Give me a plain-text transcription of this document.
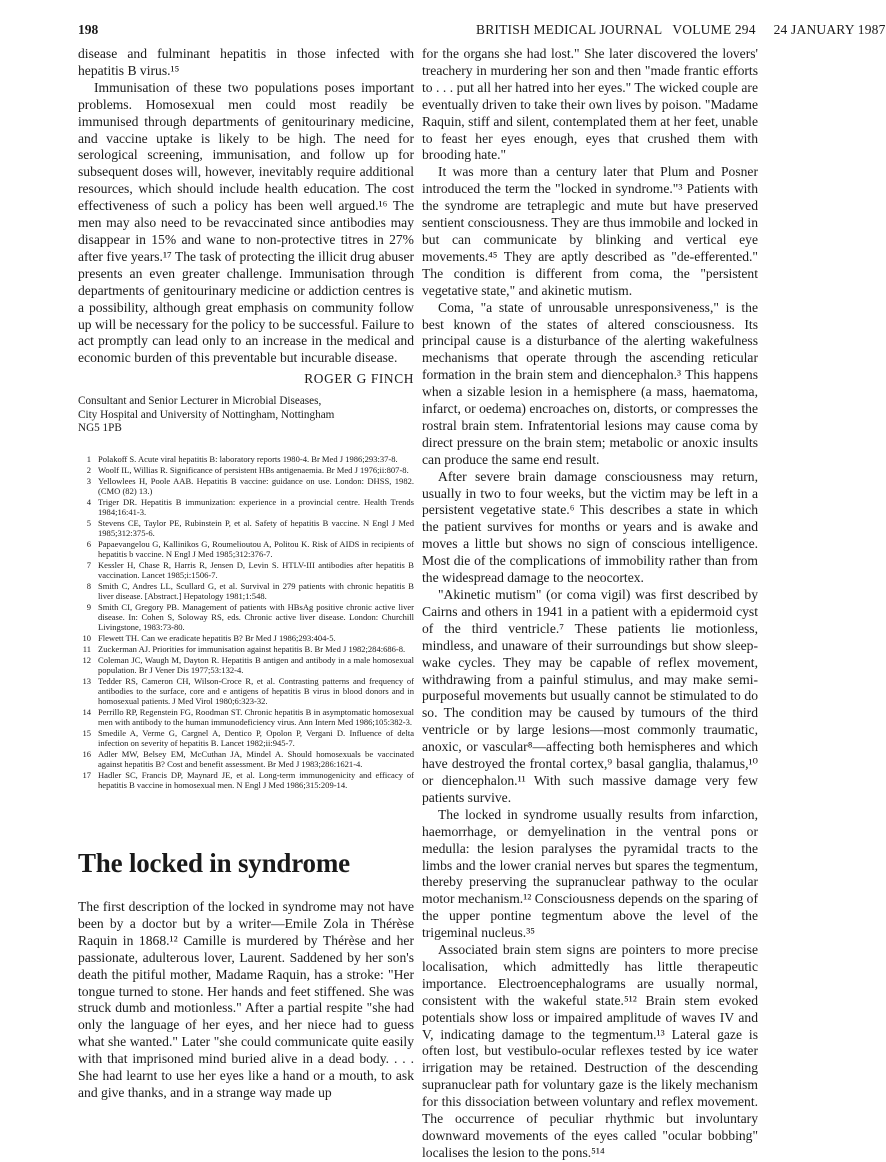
198	BRITISH MEDICAL JOURNAL   VOLUME 294     24 JANUARY 1987

disease and fulminant hepatitis in those infected with hepatitis B virus.¹⁵

Immunisation of these two populations poses important problems. Homosexual men could most readily be immunised through departments of genitourinary medicine, and vaccine uptake is likely to be high. The need for serological screening, immunisation, and follow up for subsequent doses will, however, inevitably require additional resources, which should include health education. The cost effectiveness of such a policy has been well argued.¹⁶ The men may also need to be revaccinated since antibodies may disappear in 15% and wane to non-protective titres in 27% after five years.¹⁷ The task of protecting the illicit drug abuser presents an even greater challenge. Immunisation through departments of genitourinary medicine or addiction centres is a possibility, although great emphasis on community follow up will be necessary for the policy to be successful. Failure to act promptly can lead only to an increase in the medical and economic burden of this preventable but incurable disease.

ROGER G FINCH

Consultant and Senior Lecturer in Microbial Diseases, City Hospital and University of Nottingham, Nottingham NG5 1PB

1 Polakoff S. Acute viral hepatitis B: laboratory reports 1980-4. Br Med J 1986;293:37-8.
2 Woolf IL, Willias R. Significance of persistent HBs antigenaemia. Br Med J 1976;ii:807-8.
3 Yellowlees H, Poole AAB. Hepatitis B vaccine: guidance on use. London: DHSS, 1982. (CMO (82) 13.)
4 Triger DR. Hepatitis B immunization: experience in a provincial centre. Health Trends 1984;16:41-3.
5 Stevens CE, Taylor PE, Rubinstein P, et al. Safety of hepatitis B vaccine. N Engl J Med 1985;312:375-6.
6 Papaevangelou G, Kallinikos G, Roumelioutou A, Politou K. Risk of AIDS in recipients of hepatitis b vaccine. N Engl J Med 1985;312:376-7.
7 Kessler H, Chase R, Harris R, Jensen D, Levin S. HTLV-III antibodies after hepatitis B vaccination. Lancet 1985;i:1506-7.
8 Smith C, Andres LL, Scullard G, et al. Survival in 279 patients with chronic hepatitis B liver disease. [Abstract.] Hepatology 1981;1:548.
9 Smith CI, Gregory PB. Management of patients with HBsAg positive chronic active liver disease. In: Cohen S, Soloway RS, eds. Chronic active liver disease. London: Churchill Livingstone, 1983:73-80.
10 Flewett TH. Can we eradicate hepatitis B? Br Med J 1986;293:404-5.
11 Zuckerman AJ. Priorities for immunisation against hepatitis B. Br Med J 1982;284:686-8.
12 Coleman JC, Waugh M, Dayton R. Hepatitis B antigen and antibody in a male homosexual population. Br J Vener Dis 1977;53:132-4.
13 Tedder RS, Cameron CH, Wilson-Croce R, et al. Contrasting patterns and frequency of antibodies to the surface, core and e antigens of hepatitis B virus in blood donors and in homosexual patients. J Med Virol 1980;6:323-32.
14 Perrillo RP, Regenstein FG, Roodman ST. Chronic hepatitis B in asymptomatic homosexual men with antibody to the human immunodeficiency virus. Ann Intern Med 1986;105:382-3.
15 Smedile A, Verme G, Cargnel A, Dentico P, Opolon P, Vergani D. Influence of delta infection on severity of hepatitis B. Lancet 1982;ii:945-7.
16 Adler MW, Belsey EM, McCuthan JA, Mindel A. Should homosexuals be vaccinated against hepatitis B? Cost and benefit assessment. Br Med J 1983;286:1621-4.
17 Hadler SC, Francis DP, Maynard JE, et al. Long-term immunogenicity and efficacy of hepatitis B vaccine in homosexual men. N Engl J Med 1986;315:209-14.
The locked in syndrome

The first description of the locked in syndrome may not have been by a doctor but by a writer—Emile Zola in Thérèse Raquin in 1868.¹² Camille is murdered by Thérèse and her passionate, adulterous lover, Laurent. Saddened by her son's death the pitiful mother, Madame Raquin, has a stroke: "Her tongue turned to stone. Her hands and feet stiffened. She was struck dumb and motionless." After a partial respite "she had only the language of her eyes, and her niece had to guess what she wanted." Later "she could communicate quite easily with that imprisoned mind buried alive in a dead body. . . . She had learnt to use her eyes like a hand or a mouth, to ask and give thanks, and in a strange way made up

for the organs she had lost." She later discovered the lovers' treachery in murdering her son and then "made frantic efforts to . . . put all her hatred into her eyes." The wicked couple are eventually driven to take their own lives by poison. "Madame Raquin, stiff and silent, contemplated them at her feet, unable to feast her eyes enough, eyes that crushed them with brooding hate."

It was more than a century later that Plum and Posner introduced the term the "locked in syndrome."³ Patients with the syndrome are tetraplegic and mute but have preserved sentient consciousness. They are thus immobile and locked in but can communicate by blinking and vertical eye movements.⁴⁵ They are aptly described as "de-efferented." The condition is different from coma, the "persistent vegetative state," and akinetic mutism.

Coma, "a state of unrousable unresponsiveness," is the best known of the states of altered consciousness. Its principal cause is a disturbance of the alerting wakefulness mechanisms that operate through the ascending reticular formation in the brain stem and diencephalon.³ This happens when a sizable lesion in a hemisphere (a mass, haematoma, infarct, or oedema) encroaches on, distorts, or compresses the rostral brain stem. Infratentorial lesions may cause coma by direct pressure on the brain stem; metabolic or anoxic insults can produce the same end result.

After severe brain damage consciousness may return, usually in two to four weeks, but the victim may be left in a persistent vegetative state.⁶ This describes a state in which the patient survives for months or years and is awake and moves a little but shows no sign of conscious intelligence. Most die of the complications of immobility rather than from the widespread damage to the neocortex.

"Akinetic mutism" (or coma vigil) was first described by Cairns and others in 1941 in a patient with a epidermoid cyst of the third ventricle.⁷ These patients lie motionless, mindless, and unaware of their surroundings but show sleep-wake cycles. They may be capable of reflex movement, withdrawing from a painful stimulus, and may make semi-purposeful movements but usually cannot be stimulated to do so. The condition may be caused by tumours of the third ventricle or by large lesions—most commonly traumatic, anoxic, or vascular⁸—affecting both hemispheres and which have destroyed the frontal cortex,⁹ basal ganglia, thalamus,¹⁰ or diencephalon.¹¹ With such massive damage very few patients survive.

The locked in syndrome usually results from infarction, haemorrhage, or demyelination in the ventral pons or medulla: the lesion paralyses the pyramidal tracts to the limbs and the lower cranial nerves but spares the tegmentum, thereby preserving the supranuclear pathway to the ocular motor mechanism.¹² Consciousness depends on the sparing of the upper pontine tegmentum above the level of the trigeminal nucleus.³⁵

Associated brain stem signs are pointers to more precise localisation, which admittedly has little therapeutic importance. Electroencephalograms are usually normal, consistent with the wakeful state.⁵¹² Brain stem evoked potentials show loss or impaired amplitude of waves IV and V, indicating damage to the tegmentum.¹³ Lateral gaze is often lost, but vestibulo-ocular reflexes tested by ice water irrigation may be retained. Destruction of the descending supranuclear path for voluntary gaze is the likely mechanism for this dissociation between voluntary and reflex movement. The occurrence of peculiar rhythmic but involuntary downward movements of the eyes called "ocular bobbing" localises the lesion to the pons.⁵¹⁴
